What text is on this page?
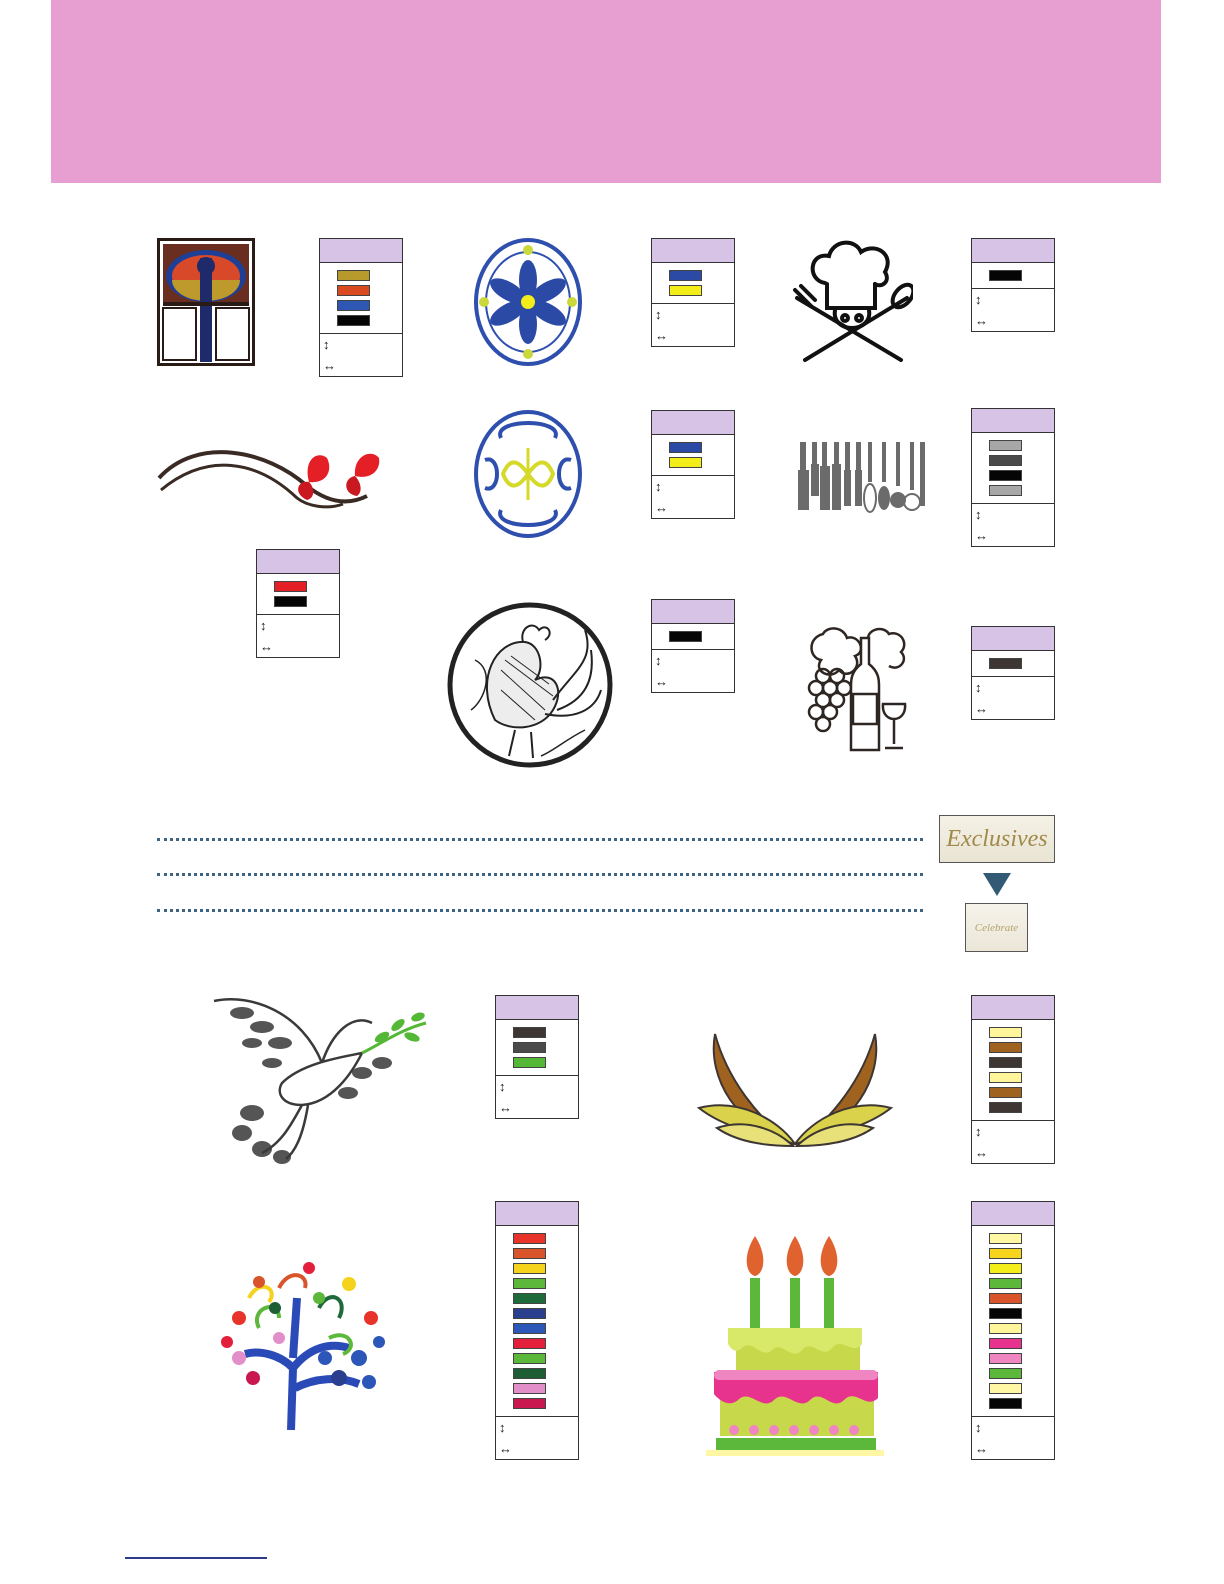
↕
↔
↕
↔
↕
↔
↕
↔	↕
↔
↕
↔
↕
↔	↕
↔
Exclusives
Celebrate
↕
↔
↕
↔
↕
↔
↕
↔
